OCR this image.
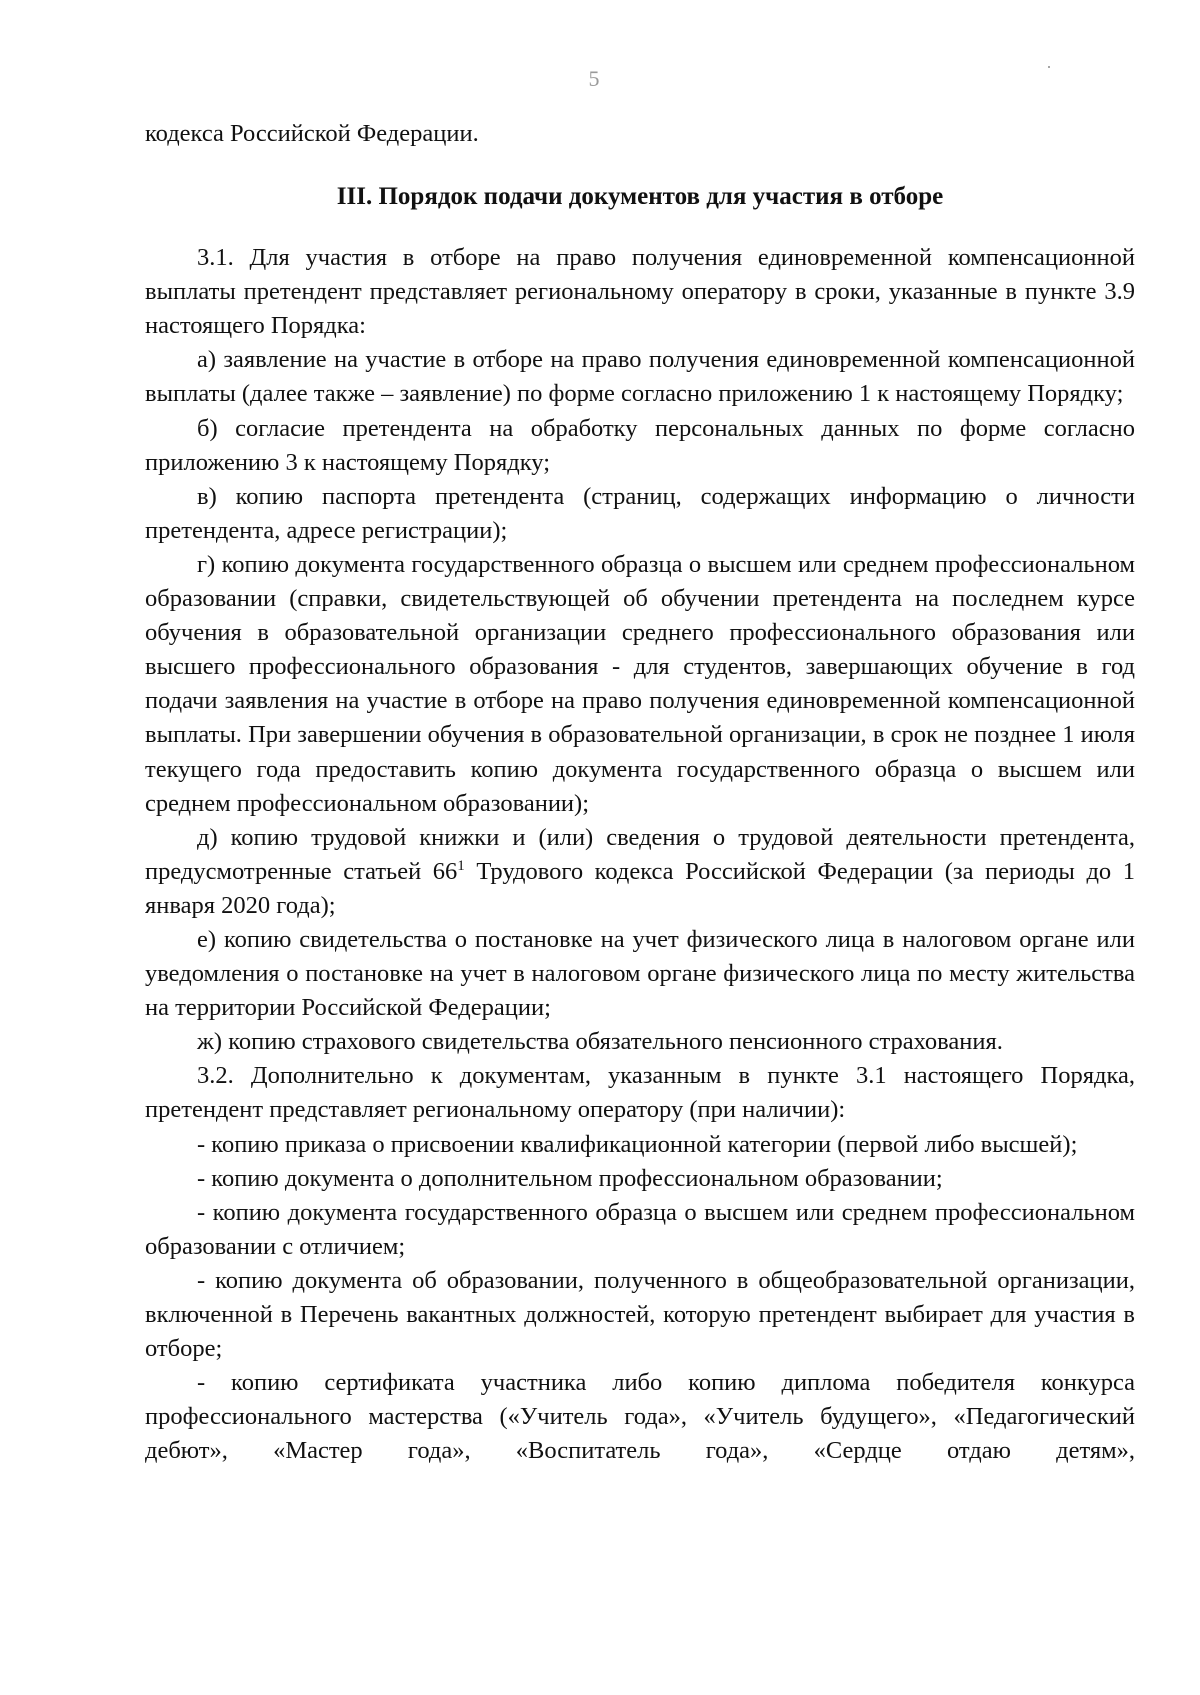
5

кодекса Российской Федерации.

III. Порядок подачи документов для участия в отборе

3.1. Для участия в отборе на право получения единовременной компенсационной выплаты претендент представляет региональному оператору в сроки, указанные в пункте 3.9 настоящего Порядка:

а) заявление на участие в отборе на право получения единовременной компенсационной выплаты (далее также – заявление) по форме согласно приложению 1 к настоящему Порядку;

б) согласие претендента на обработку персональных данных по форме согласно приложению 3 к настоящему Порядку;

в) копию паспорта претендента (страниц, содержащих информацию о личности претендента, адресе регистрации);

г) копию документа государственного образца о высшем или среднем профессиональном образовании (справки, свидетельствующей об обучении претендента на последнем курсе обучения в образовательной организации среднего профессионального образования или высшего профессионального образования - для студентов, завершающих обучение в год подачи заявления на участие в отборе на право получения единовременной компенсационной выплаты. При завершении обучения в образовательной организации, в срок не позднее 1 июля текущего года предоставить копию документа государственного образца о высшем или среднем профессиональном образовании);

д) копию трудовой книжки и (или) сведения о трудовой деятельности претендента, предусмотренные статьей $66^1$ Трудового кодекса Российской Федерации (за периоды до 1 января 2020 года);

е) копию свидетельства о постановке на учет физического лица в налоговом органе или уведомления о постановке на учет в налоговом органе физического лица по месту жительства на территории Российской Федерации;

ж) копию страхового свидетельства обязательного пенсионного страхования.

3.2. Дополнительно к документам, указанным в пункте 3.1 настоящего Порядка, претендент представляет региональному оператору (при наличии):

- копию приказа о присвоении квалификационной категории (первой либо высшей);

- копию документа о дополнительном профессиональном образовании;

- копию документа государственного образца о высшем или среднем профессиональном образовании с отличием;

- копию документа об образовании, полученного в общеобразовательной организации, включенной в Перечень вакантных должностей, которую претендент выбирает для участия в отборе;

- копию сертификата участника либо копию диплома победителя конкурса профессионального мастерства («Учитель года», «Учитель будущего», «Педагогический дебют», «Мастер года», «Воспитатель года», «Сердце отдаю детям»,
